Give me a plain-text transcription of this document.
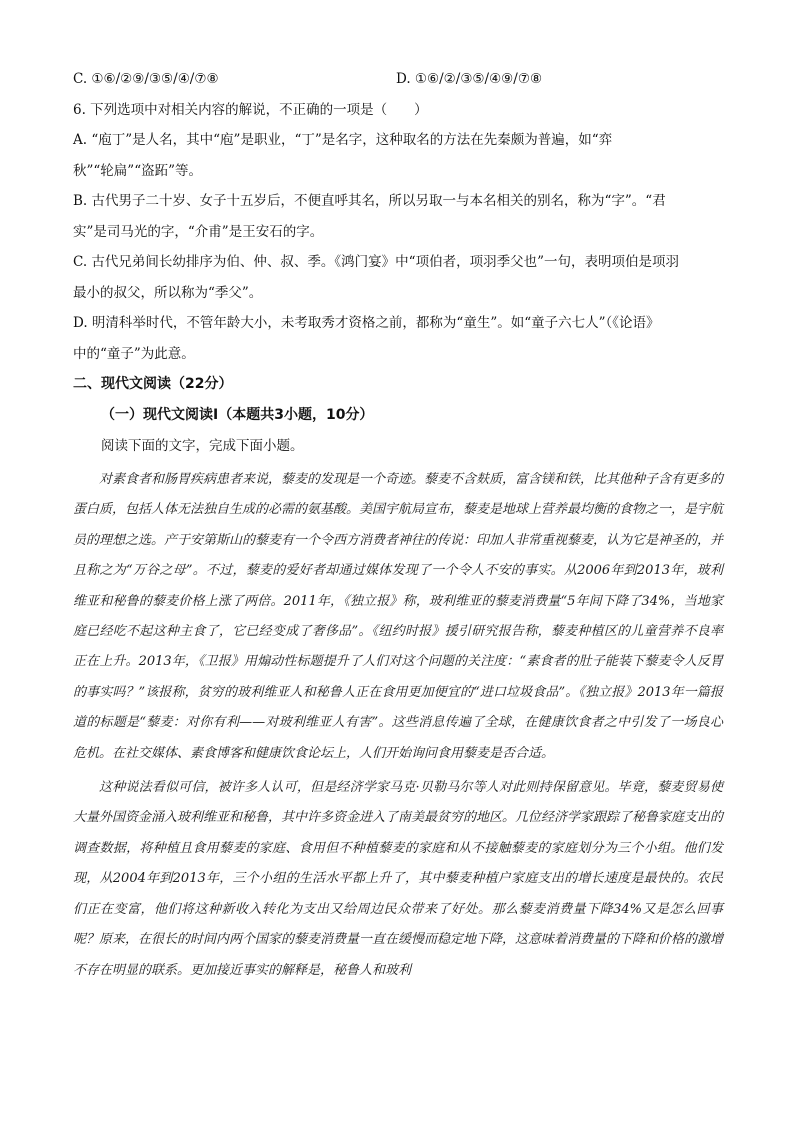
C. ①⑥/②⑨/③⑤/④/⑦⑧	D. ①⑥/②/③⑤/④⑨/⑦⑧
6. 下列选项中对相关内容的解说，不正确的一项是（　　）
A. “庖丁”是人名，其中“庖”是职业，“丁”是名字，这种取名的方法在先秦颇为普遍，如“弈
秋”“轮扁”“盗跖”等。
B. 古代男子二十岁、女子十五岁后，不便直呼其名，所以另取一与本名相关的别名，称为“字”。“君
实”是司马光的字，“介甫”是王安石的字。
C. 古代兄弟间长幼排序为伯、仲、叔、季。《鸿门宴》中“项伯者，项羽季父也”一句，表明项伯是项羽
最小的叔父，所以称为“季父”。
D. 明清科举时代，不管年龄大小，未考取秀才资格之前，都称为“童生”。如“童子六七人”（《论语》
中的“童子”为此意。
二、现代文阅读（22分）
（一）现代文阅读Ⅰ（本题共3小题，10分）
阅读下面的文字，完成下面小题。

对素食者和肠胃疾病患者来说，藜麦的发现是一个奇迹。藜麦不含麸质，富含镁和铁，比其他种子含有更多的蛋白质，包括人体无法独自生成的必需的氨基酸。美国宇航局宣布，藜麦是地球上营养最均衡的食物之一，是宇航员的理想之选。产于安第斯山的藜麦有一个令西方消费者神往的传说：印加人非常重视藜麦，认为它是神圣的，并且称之为“万谷之母”。不过，藜麦的爱好者却通过媒体发现了一个令人不安的事实。从2006年到2013年，玻利维亚和秘鲁的藜麦价格上涨了两倍。2011年，《独立报》称，玻利维亚的藜麦消费量“5年间下降了34%，当地家庭已经吃不起这种主食了，它已经变成了奢侈品”。《纽约时报》援引研究报告称，藜麦种植区的儿童营养不良率正在上升。2013年，《卫报》用煽动性标题提升了人们对这个问题的关注度：“素食者的肚子能装下藜麦令人反胃的事实吗？”该报称，贫穷的玻利维亚人和秘鲁人正在食用更加便宜的“进口垃圾食品”。《独立报》2013年一篇报道的标题是“藜麦：对你有利——对玻利维亚人有害”。这些消息传遍了全球，在健康饮食者之中引发了一场良心危机。在社交媒体、素食博客和健康饮食论坛上，人们开始询问食用藜麦是否合适。

这种说法看似可信，被许多人认可，但是经济学家马克·贝勒马尔等人对此则持保留意见。毕竟，藜麦贸易使大量外国资金涌入玻利维亚和秘鲁，其中许多资金进入了南美最贫穷的地区。几位经济学家跟踪了秘鲁家庭支出的调查数据，将种植且食用藜麦的家庭、食用但不种植藜麦的家庭和从不接触藜麦的家庭划分为三个小组。他们发现，从2004年到2013年，三个小组的生活水平都上升了，其中藜麦种植户家庭支出的增长速度是最快的。农民们正在变富，他们将这种新收入转化为支出又给周边民众带来了好处。那么藜麦消费量下降34%又是怎么回事呢？原来，在很长的时间内两个国家的藜麦消费量一直在缓慢而稳定地下降，这意味着消费量的下降和价格的激增不存在明显的联系。更加接近事实的解释是，秘鲁人和玻利
